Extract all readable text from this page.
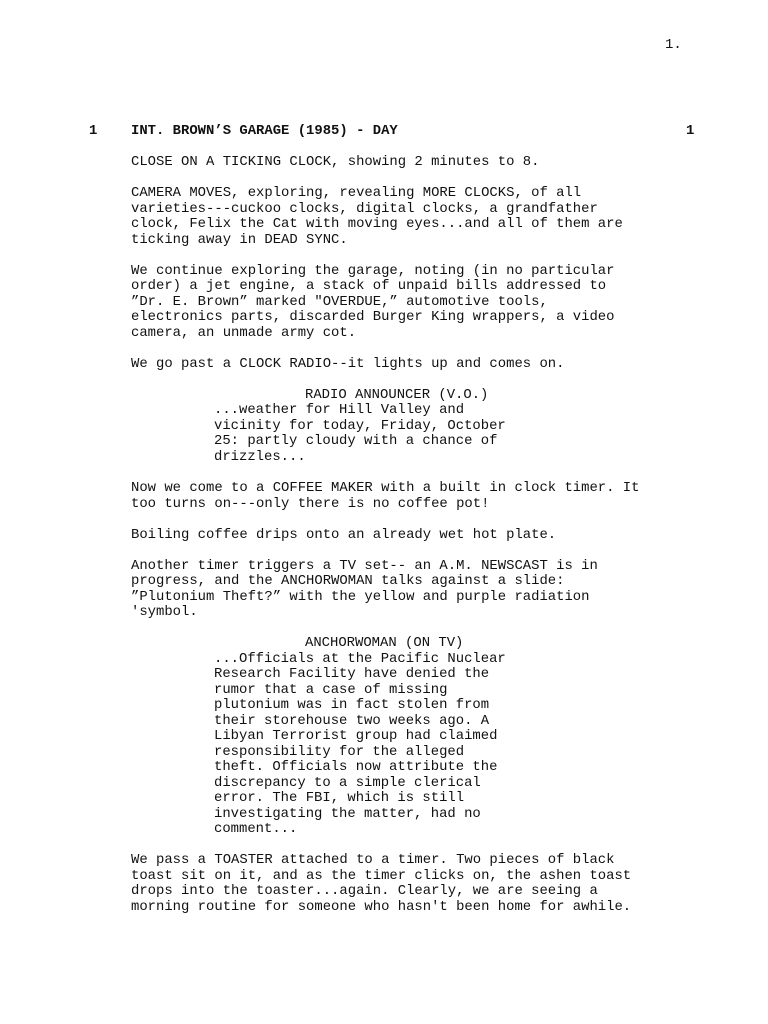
1.
1 INT. BROWN’S GARAGE (1985) - DAY	1
CLOSE ON A TICKING CLOCK, showing 2 minutes to 8.
CAMERA MOVES, exploring, revealing MORE CLOCKS, of all
varieties---cuckoo clocks, digital clocks, a grandfather
clock, Felix the Cat with moving eyes...and all of them are
ticking away in DEAD SYNC.
We continue exploring the garage, noting (in no particular
order) a jet engine, a stack of unpaid bills addressed to
”Dr. E. Brown” marked "OVERDUE,” automotive tools,
electronics parts, discarded Burger King wrappers, a video
camera, an unmade army cot.
We go past a CLOCK RADIO--it lights up and comes on.
RADIO ANNOUNCER (V.O.)
...weather for Hill Valley and
vicinity for today, Friday, October
25: partly cloudy with a chance of
drizzles...
Now we come to a COFFEE MAKER with a built in clock timer. It
too turns on---only there is no coffee pot!
Boiling coffee drips onto an already wet hot plate.
Another timer triggers a TV set-- an A.M. NEWSCAST is in
progress, and the ANCHORWOMAN talks against a slide:
”Plutonium Theft?” with the yellow and purple radiation
'symbol.
ANCHORWOMAN (ON TV)
...Officials at the Pacific Nuclear
Research Facility have denied the
rumor that a case of missing
plutonium was in fact stolen from
their storehouse two weeks ago. A
Libyan Terrorist group had claimed
responsibility for the alleged
theft. Officials now attribute the
discrepancy to a simple clerical
error. The FBI, which is still
investigating the matter, had no
comment...
We pass a TOASTER attached to a timer. Two pieces of black
toast sit on it, and as the timer clicks on, the ashen toast
drops into the toaster...again. Clearly, we are seeing a
morning routine for someone who hasn't been home for awhile.
